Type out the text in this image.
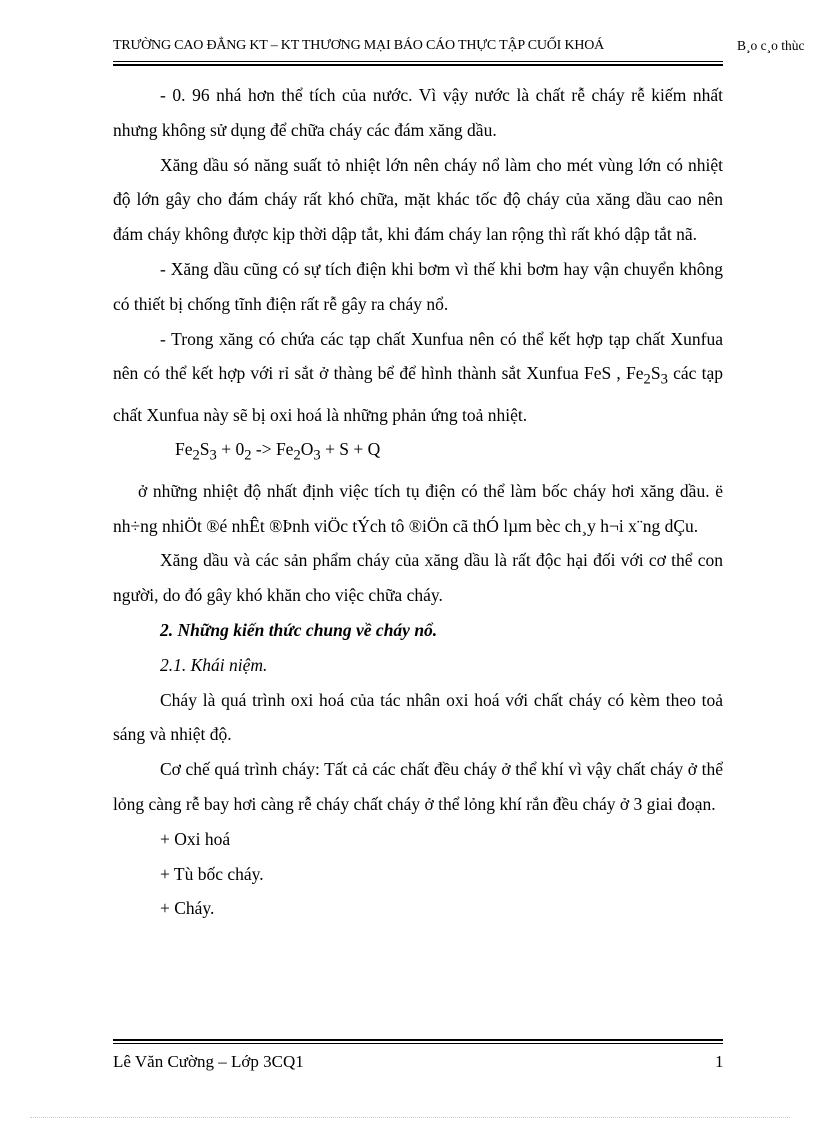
TRƯỜNG CAO ĐẲNG KT – KT THƯƠNG MẠI BÁO CÁO THỰC TẬP CUỐI KHOÁ	B¸o c¸o thùc

- 0. 96 nhá hơn thể tích của nước. Vì vậy nước là chất rễ cháy rễ kiếm nhất nhưng không sử dụng để chữa cháy các đám xăng dầu.

Xăng dầu só năng suất tỏ nhiệt lớn nên cháy nổ làm cho mét vùng lớn có nhiệt độ lớn gây cho đám cháy rất khó chữa, mặt khác tốc độ cháy của xăng dầu cao nên đám cháy không được kịp thời dập tắt, khi đám cháy lan rộng thì rất khó dập tắt nã.

- Xăng dầu cũng có sự tích điện khi bơm vì thế khi bơm hay vận chuyển không có thiết bị chống tĩnh điện rất rễ gây ra cháy nổ.

- Trong xăng có chứa các tạp chất Xunfua nên có thể kết hợp tạp chất Xunfua nên có thể kết hợp với rỉ sắt ở thàng bể để hình thành sắt Xunfua FeS , $Fe_2S_3$ các tạp chất Xunfua này sẽ bị oxi hoá là những phản ứng toả nhiệt.

$Fe_2S_3 + 0_2 -> Fe_2O_3 + S + Q$

ở những nhiệt độ nhất định việc tích tụ điện có thể làm bốc cháy hơi xăng dầu. ë nh÷ng nhiÖt ®é nhÊt ®Þnh viÖc tÝch tô ®iÖn cã thÓ lµm bèc ch¸y h¬i x¨ng dÇu.

Xăng dầu và các sản phẩm cháy của xăng dầu là rất độc hại đối với cơ thể con người, do đó gây khó khăn cho việc chữa cháy.

2. Những kiến thức chung về cháy nổ.

2.1. Khái niệm.

Cháy là quá trình oxi hoá của tác nhân oxi hoá với chất cháy có kèm theo toả sáng và nhiệt độ.

Cơ chế quá trình cháy: Tất cả các chất đều cháy ở thể khí vì vậy chất cháy ở thể lỏng càng rễ bay hơi càng rễ cháy chất cháy ở thể lỏng khí rắn đều cháy ở 3 giai đoạn.

+ Oxi hoá

+ Tù bốc cháy.

+ Cháy.

Lê Văn Cường – Lớp 3CQ1	1
